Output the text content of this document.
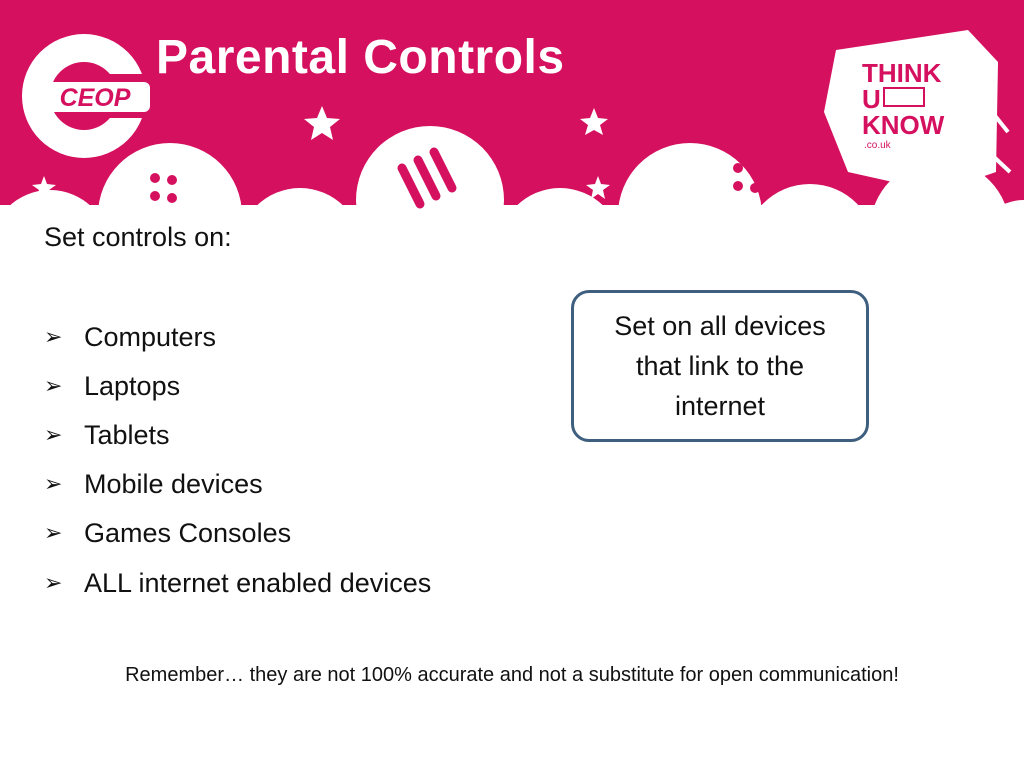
CEOP
Parental Controls	THINK
U
KNOW
.co.uk
Set controls on:
➢ Computers
➢ Laptops
➢ Tablets
➢ Mobile devices
➢ Games Consoles
➢ ALL internet enabled devices
Set on all devices that link to the internet

Remember… they are not 100% accurate and not a substitute for open communication!
